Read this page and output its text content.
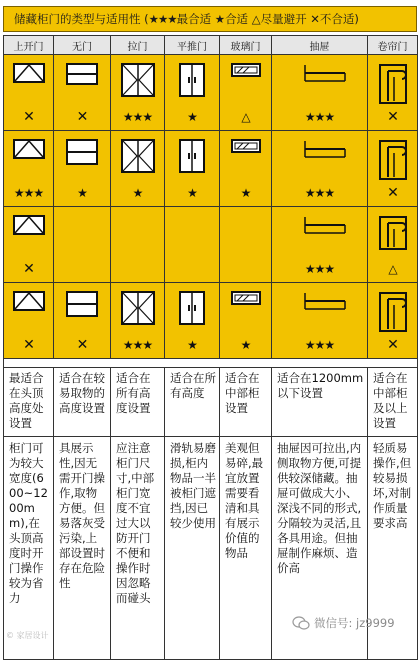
储藏柜门的类型与适用性 ( ★★★ 最合适
★ 合适
△ 尽量避开
✕ 不合适)
上开门	无门	拉门	平推门	玻璃门	抽屉	卷帘门

✕	✕	★★★	★	△	★★★	✕

★★★	★	★	★	★	★★★	✕

✕					★★★	△

✕	✕	★★★	★	★	★★★	✕

最适合在头顶高度处设置	适合在较易取物的高度设置	适合在所有高度设置	适合在所有高度	适合在中部柜设置	适合在1200mm以下设置	适合在中部柜及以上设置
柜门可为较大宽度(600~1200mm),在头顶高度时开门操作较为省力	具展示性,因无需开门操作,取物方便。但易落灰受污染,上部设置时存在危险性	应注意柜门尺寸,中部柜门宽度不宜过大以防开门不便和操作时因忽略而碰头	滑轨易磨损,柜内物品一半被柜门遮挡,因已较少使用	美观但易碎,最宜放置需要看清和具有展示价值的物品	抽屉因可拉出,内侧取物方便,可提供较深储藏。抽屉可做成大小、深浅不同的形式,分隔较为灵活,且各具用途。但抽屉制作麻烦、造价高	轻质易操作,但较易损坏,对制作质量要求高
© 家居设计
微信号: jz9999
